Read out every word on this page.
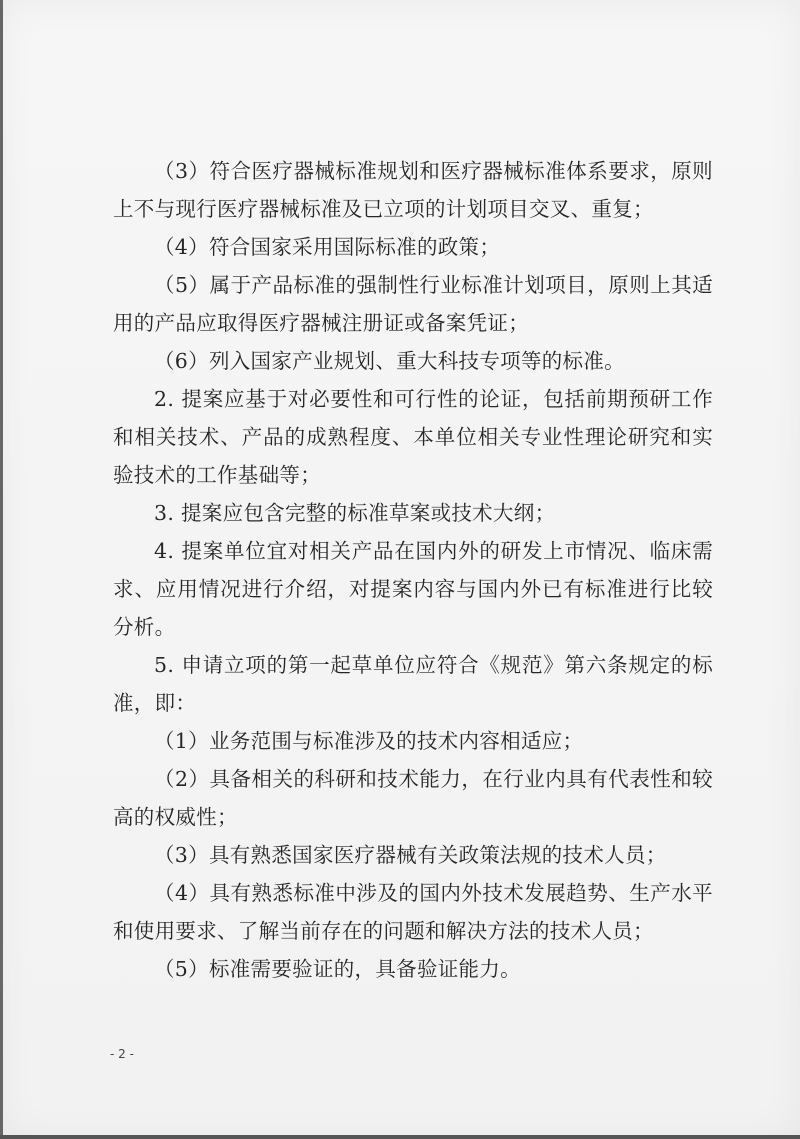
（3）符合医疗器械标准规划和医疗器械标准体系要求，原则上不与现行医疗器械标准及已立项的计划项目交叉、重复；

（4）符合国家采用国际标准的政策；

（5）属于产品标准的强制性行业标准计划项目，原则上其适用的产品应取得医疗器械注册证或备案凭证；

（6）列入国家产业规划、重大科技专项等的标准。

2. 提案应基于对必要性和可行性的论证，包括前期预研工作和相关技术、产品的成熟程度、本单位相关专业性理论研究和实验技术的工作基础等；

3. 提案应包含完整的标准草案或技术大纲；

4. 提案单位宜对相关产品在国内外的研发上市情况、临床需求、应用情况进行介绍，对提案内容与国内外已有标准进行比较分析。

5. 申请立项的第一起草单位应符合《规范》第六条规定的标准，即：

（1）业务范围与标准涉及的技术内容相适应；

（2）具备相关的科研和技术能力，在行业内具有代表性和较高的权威性；

（3）具有熟悉国家医疗器械有关政策法规的技术人员；

（4）具有熟悉标准中涉及的国内外技术发展趋势、生产水平和使用要求、了解当前存在的问题和解决方法的技术人员；

（5）标准需要验证的，具备验证能力。

- 2 -
